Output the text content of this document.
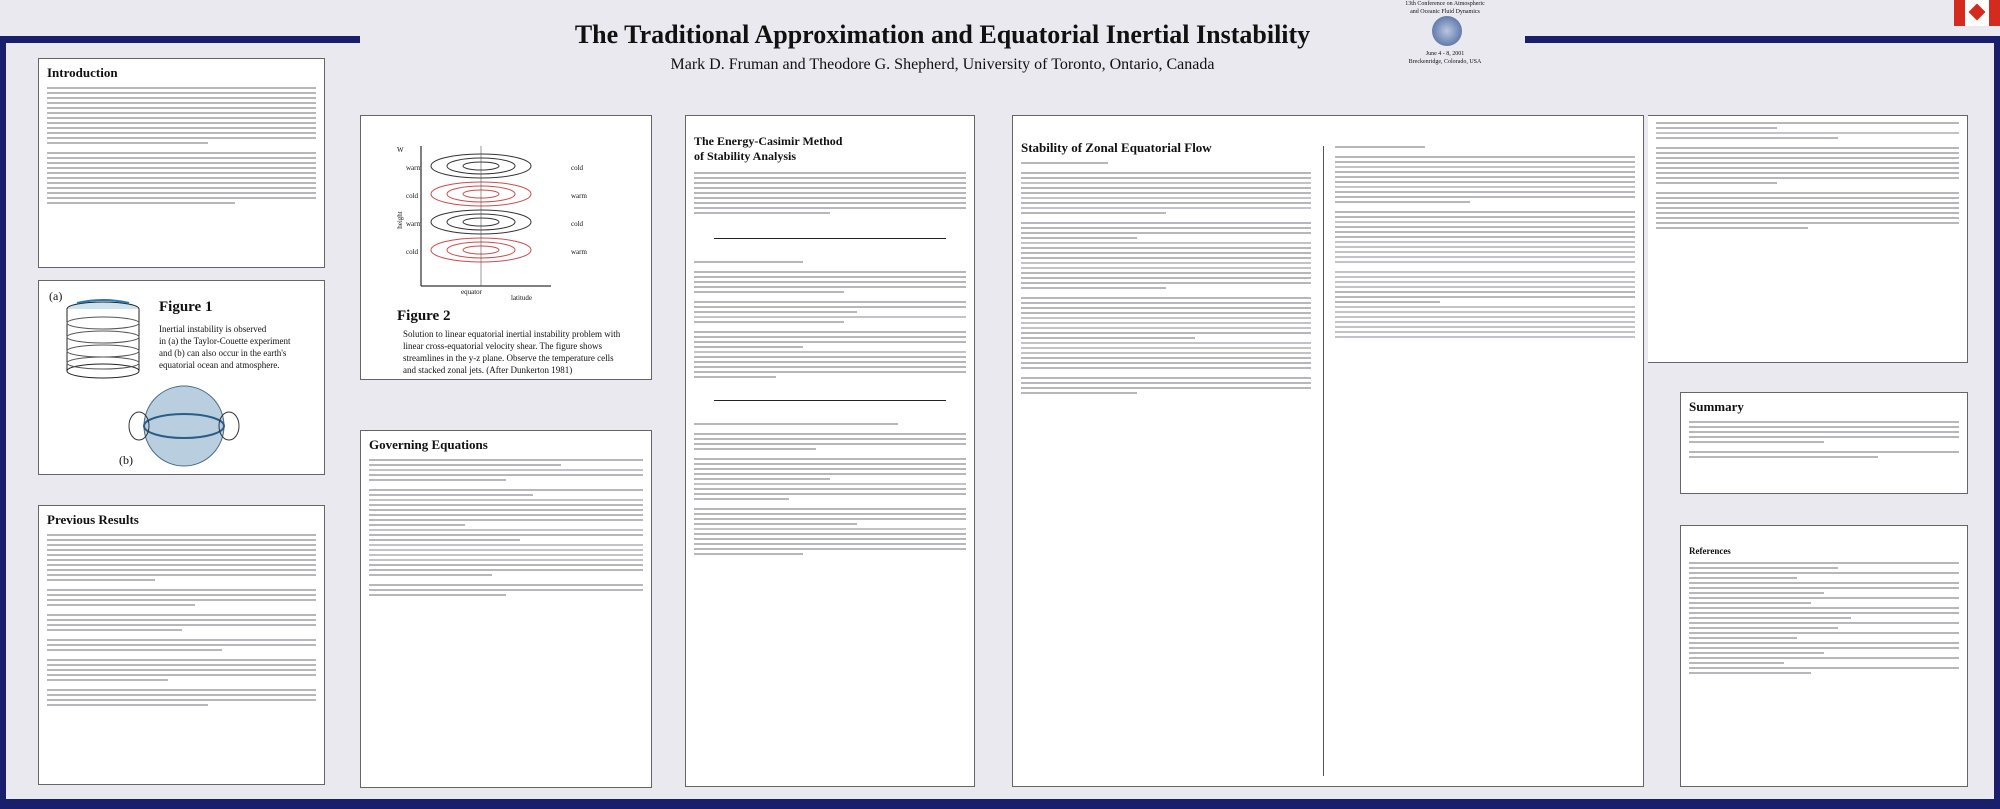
The Traditional Approximation and Equatorial Inertial Instability
Mark D. Fruman and Theodore G. Shepherd, University of Toronto, Ontario, Canada
13th Conference on Atmospheric
and Oceanic Fluid Dynamics
June 4 - 8, 2001
Breckenridge, Colorado, USA
Introduction
(a)
Figure 1
Inertial instability is observed
in (a) the Taylor-Couette experiment
and (b) can also occur in the earth's
equatorial ocean and atmosphere.
(b)
Previous Results
W
warm
cold
warm
cold
cold
warm
cold
warm
height
equator
latitude
Figure 2
Solution to linear equatorial inertial instability problem with
linear cross-equatorial velocity shear. The figure shows
streamlines in the y-z plane. Observe the temperature cells
and stacked zonal jets. (After Dunkerton 1981)
Governing Equations
The Energy-Casimir Method
of Stability Analysis
Stability of Zonal Equatorial Flow
Summary
References
